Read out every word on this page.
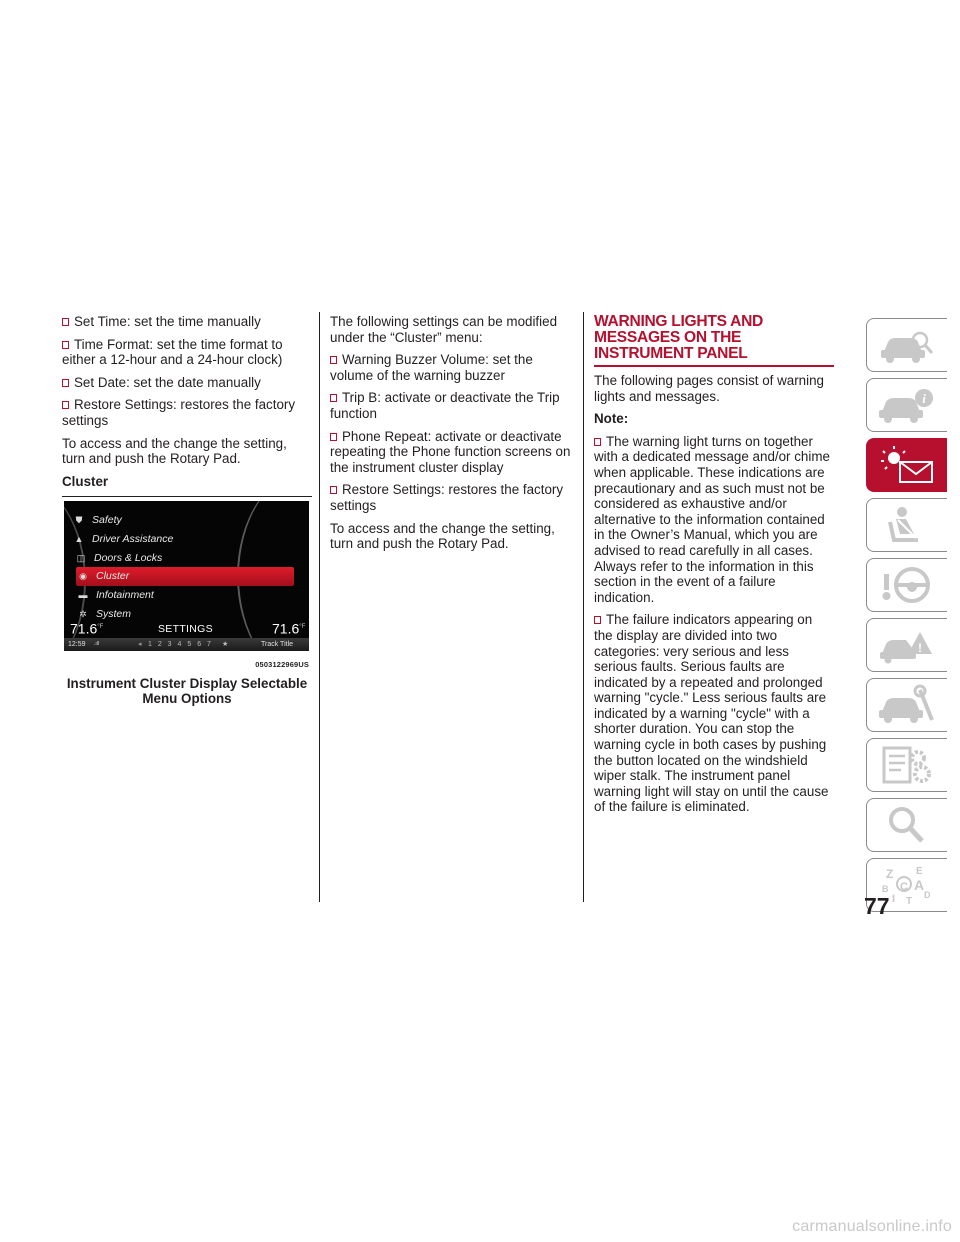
Set Time: set the time manually

Time Format: set the time format to either a 12-hour and a 24-hour clock)

Set Date: set the date manually

Restore Settings: restores the factory settings

To access and the change the setting, turn and push the Rotary Pad.

Cluster

⛊ Safety
▲ Driver Assistance
◫ Doors & Locks
◉ Cluster
▬ Infotainment
✲ System
$71.6^{^\circ F}$	SETTINGS	$71.6^{^\circ F}$
12:59 .ıll	◂ 1 2 3 4 5 6 7 ★	Track Title
0503122969US
Instrument Cluster Display Selectable Menu Options

The following settings can be modified under the “Cluster” menu:

Warning Buzzer Volume: set the volume of the warning buzzer

Trip B: activate or deactivate the Trip function

Phone Repeat: activate or deactivate repeating the Phone function screens on the instrument cluster display

Restore Settings: restores the factory settings

To access and the change the setting, turn and push the Rotary Pad.

WARNING LIGHTS AND MESSAGES ON THE INSTRUMENT PANEL

The following pages consist of warning lights and messages.

Note:

The warning light turns on together with a dedicated message and/or chime when applicable. These indications are precautionary and as such must not be considered as exhaustive and/or alternative to the information contained in the Owner’s Manual, which you are advised to read carefully in all cases. Always refer to the information in this section in the event of a failure indication.

The failure indicators appearing on the display are divided into two categories: very serious and less serious faults. Serious faults are indicated by a repeated and prolonged warning "cycle." Less serious faults are indicated by a warning "cycle" with a shorter duration. You can stop the warning cycle in both cases by pushing the button located on the windshield wiper stalk. The instrument panel warning light will stay on until the cause of the failure is eliminated.

i
!
Z E
A
B C
D
I T
77
carmanualsonline.info
